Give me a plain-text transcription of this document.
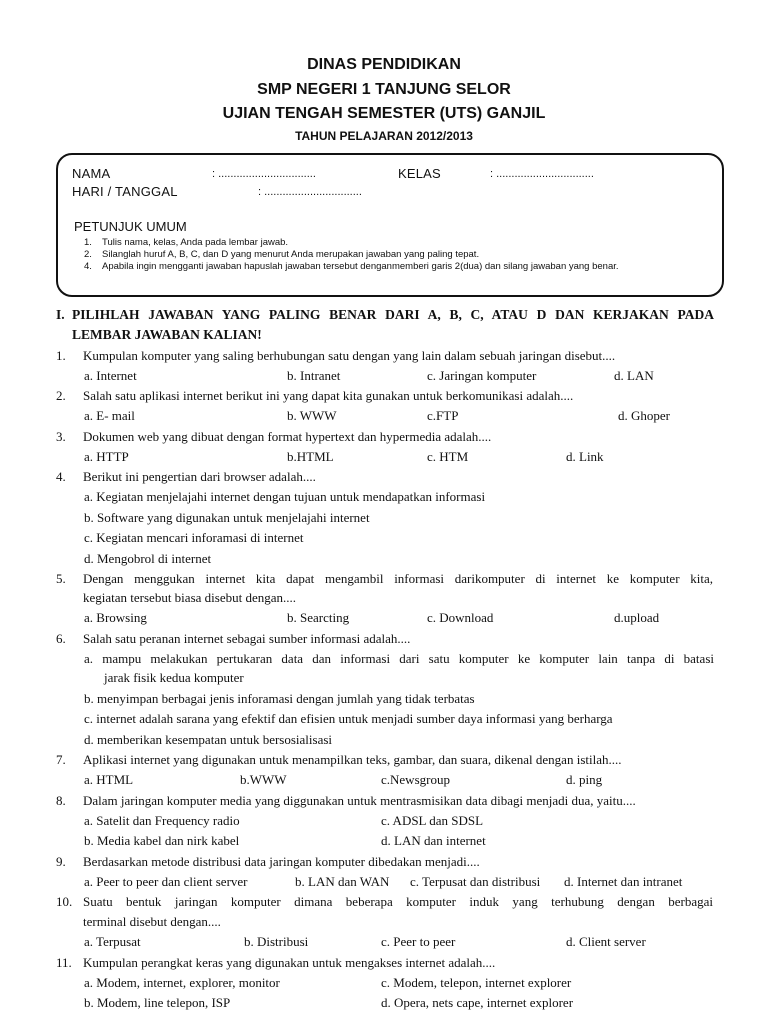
DINAS PENDIDIKAN
SMP NEGERI 1 TANJUNG SELOR
UJIAN TENGAH SEMESTER (UTS) GANJIL
TAHUN PELAJARAN 2012/2013
NAMA	: ................................	KELAS	: ................................
HARI / TANGGAL	: ................................
PETUNJUK UMUM
1. Tulis nama, kelas, Anda pada lembar jawab.
2. Silanglah huruf A, B, C, dan D yang menurut Anda merupakan jawaban yang paling tepat.
4. Apabila ingin mengganti jawaban hapuslah jawaban tersebut denganmemberi garis 2(dua) dan silang jawaban yang benar.
I. PILIHLAH JAWABAN YANG PALING BENAR DARI A, B, C, ATAU D DAN KERJAKAN PADA
LEMBAR JAWABAN KALIAN!
1. Kumpulan komputer yang saling berhubungan satu dengan yang lain dalam sebuah jaringan disebut....
a. Internet	b. Intranet	c. Jaringan komputer	d. LAN
2. Salah satu aplikasi internet berikut ini yang dapat kita gunakan untuk berkomunikasi adalah....
a. E- mail	b. WWW	c.FTP	d. Ghoper
3. Dokumen web yang dibuat dengan format hypertext dan hypermedia adalah....
a. HTTP	b.HTML	c. HTM	d. Link
4. Berikut ini pengertian dari browser adalah....
a. Kegiatan menjelajahi internet dengan tujuan untuk mendapatkan informasi
b. Software yang digunakan untuk menjelajahi internet
c. Kegiatan mencari inforamasi di internet
d. Mengobrol di internet
5. Dengan menggukan internet kita dapat mengambil informasi darikomputer di internet ke komputer kita,
kegiatan tersebut biasa disebut dengan....
a. Browsing	b. Searcting	c. Download	d.upload
6. Salah satu peranan internet sebagai sumber informasi adalah....
a. mampu melakukan pertukaran data dan informasi dari satu komputer ke komputer lain tanpa di batasi
jarak fisik kedua komputer
b. menyimpan berbagai jenis inforamasi dengan jumlah yang tidak terbatas
c. internet adalah sarana yang efektif dan efisien untuk menjadi sumber daya informasi yang berharga
d. memberikan kesempatan untuk bersosialisasi
7. Aplikasi internet yang digunakan untuk menampilkan teks, gambar, dan suara, dikenal dengan istilah....
a. HTML	b.WWW	c.Newsgroup	d. ping
8. Dalam jaringan komputer media yang diggunakan untuk mentrasmisikan data dibagi menjadi dua, yaitu....
a. Satelit dan Frequency radio	c. ADSL dan SDSL
b. Media kabel dan nirk kabel	d. LAN dan internet
9. Berdasarkan metode distribusi data jaringan komputer dibedakan menjadi....
a. Peer to peer dan client server	b. LAN dan WAN c. Terpusat dan distribusi d. Internet dan intranet
10. Suatu bentuk jaringan komputer dimana beberapa komputer induk yang terhubung dengan berbagai
terminal disebut dengan....
a. Terpusat	b. Distribusi	c. Peer to peer	d. Client server
11. Kumpulan perangkat keras yang digunakan untuk mengakses internet adalah....
a. Modem, internet, explorer, monitor	c. Modem, telepon, internet explorer
b. Modem, line telepon, ISP	d. Opera, nets cape, internet explorer
